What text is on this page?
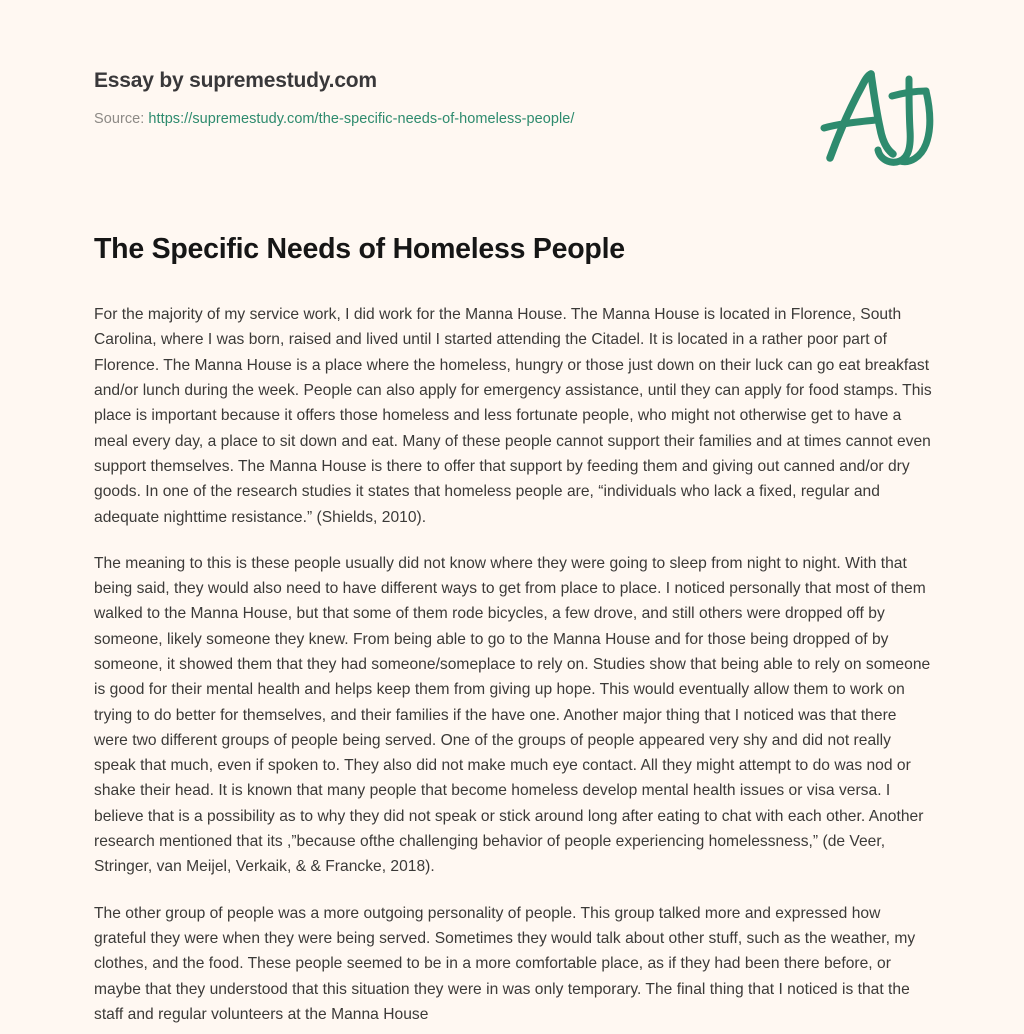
Essay by supremestudy.com
Source: https://supremestudy.com/the-specific-needs-of-homeless-people/
The Specific Needs of Homeless People

For the majority of my service work, I did work for the Manna House. The Manna House is located in Florence, South Carolina, where I was born, raised and lived until I started attending the Citadel. It is located in a rather poor part of Florence. The Manna House is a place where the homeless, hungry or those just down on their luck can go eat breakfast and/or lunch during the week. People can also apply for emergency assistance, until they can apply for food stamps. This place is important because it offers those homeless and less fortunate people, who might not otherwise get to have a meal every day, a place to sit down and eat. Many of these people cannot support their families and at times cannot even support themselves. The Manna House is there to offer that support by feeding them and giving out canned and/or dry goods. In one of the research studies it states that homeless people are, “individuals who lack a fixed, regular and adequate nighttime resistance.” (Shields, 2010).

The meaning to this is these people usually did not know where they were going to sleep from night to night. With that being said, they would also need to have different ways to get from place to place. I noticed personally that most of them walked to the Manna House, but that some of them rode bicycles, a few drove, and still others were dropped off by someone, likely someone they knew. From being able to go to the Manna House and for those being dropped of by someone, it showed them that they had someone/someplace to rely on. Studies show that being able to rely on someone is good for their mental health and helps keep them from giving up hope. This would eventually allow them to work on trying to do better for themselves, and their families if the have one. Another major thing that I noticed was that there were two different groups of people being served. One of the groups of people appeared very shy and did not really speak that much, even if spoken to. They also did not make much eye contact. All they might attempt to do was nod or shake their head. It is known that many people that become homeless develop mental health issues or visa versa. I believe that is a possibility as to why they did not speak or stick around long after eating to chat with each other. Another research mentioned that its ,”because ofthe challenging behavior of people experiencing homelessness,” (de Veer, Stringer, van Meijel, Verkaik, & & Francke, 2018).

The other group of people was a more outgoing personality of people. This group talked more and expressed how grateful they were when they were being served. Sometimes they would talk about other stuff, such as the weather, my clothes, and the food. These people seemed to be in a more comfortable place, as if they had been there before, or maybe that they understood that this situation they were in was only temporary. The final thing that I noticed is that the staff and regular volunteers at the Manna House
